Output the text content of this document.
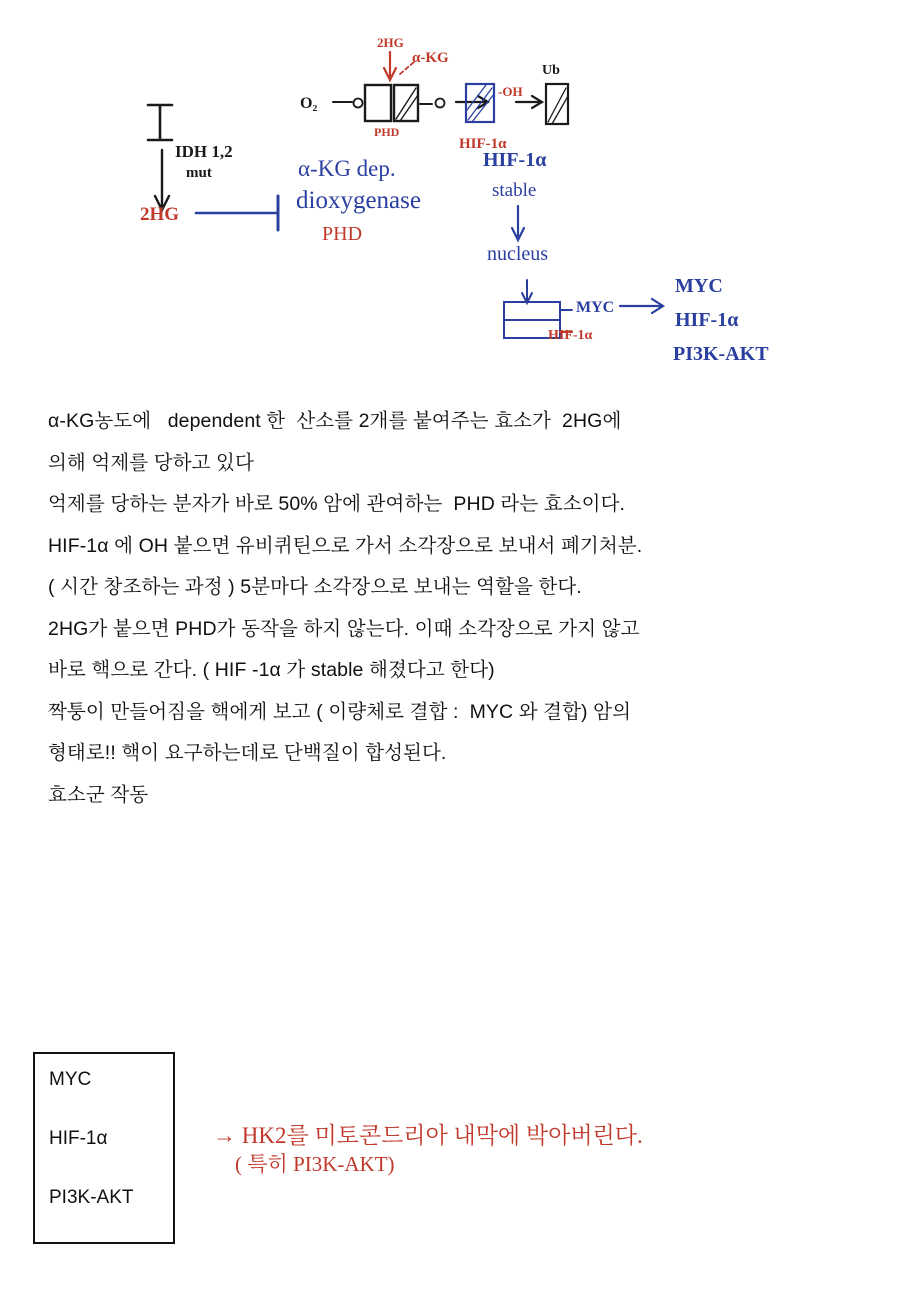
IDH 1,2
mut
2HG
O₂
PHD
2HG
α-KG
-OH
HIF-1α
Ub
α-KG dep.
dioxygenase
PHD
HIF-1α
stable
nucleus
MYC
HIF-1α
MYC
HIF-1α
PI3K-AKT
α-KG농도에   dependent 한  산소를 2개를 붙여주는 효소가  2HG에
의해 억제를 당하고 있다
억제를 당하는 분자가 바로 50% 암에 관여하는  PHD 라는 효소이다.
HIF-1α 에 OH 붙으면 유비퀴틴으로 가서 소각장으로 보내서 폐기처분.
( 시간 창조하는 과정 ) 5분마다 소각장으로 보내는 역할을 한다.
2HG가 붙으면 PHD가 동작을 하지 않는다. 이때 소각장으로 가지 않고
바로 핵으로 간다. ( HIF -1α 가 stable 해졌다고 한다)
짝퉁이 만들어짐을 핵에게 보고 ( 이량체로 결합 :  MYC 와 결합) 암의
형태로!! 핵이 요구하는데로 단백질이 합성된다.
효소군 작동
MYC
HIF-1α
PI3K-AKT
→ HK2를 미토콘드리아 내막에 박아버린다.
( 특히 PI3K-AKT)
